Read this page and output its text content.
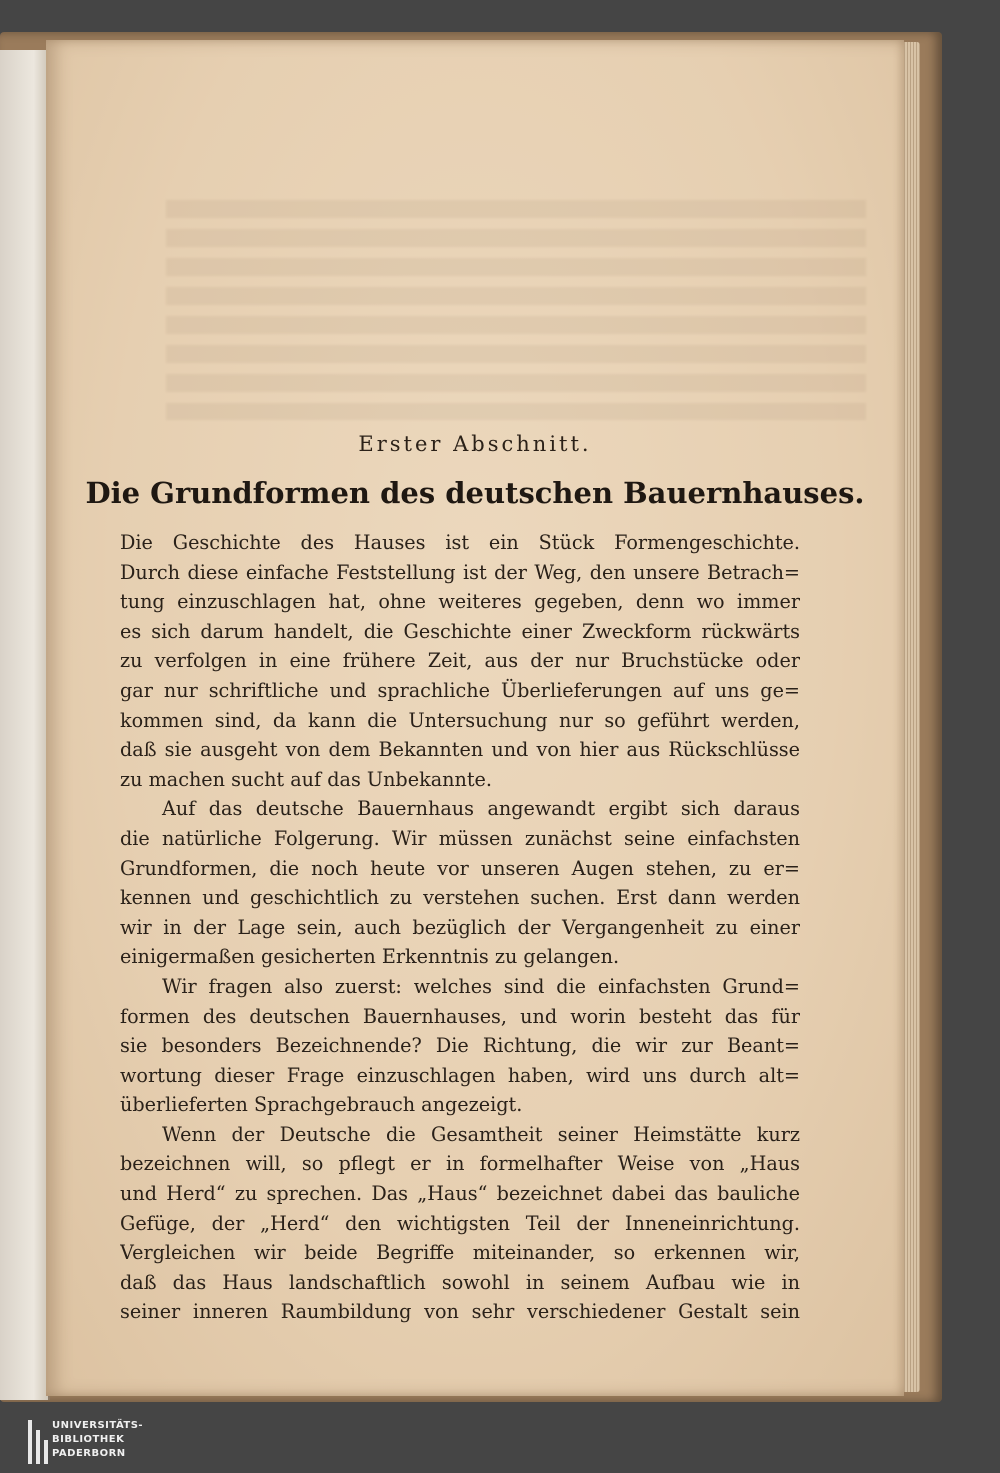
Erster Abschnitt.
Die Grundformen des deutschen Bauernhauses.
Die Geschichte des Hauses ist ein Stück Formengeschichte.
Durch diese einfache Feststellung ist der Weg, den unsere Betrach=
tung einzuschlagen hat, ohne weiteres gegeben, denn wo immer
es sich darum handelt, die Geschichte einer Zweckform rückwärts
zu verfolgen in eine frühere Zeit, aus der nur Bruchstücke oder
gar nur schriftliche und sprachliche Überlieferungen auf uns ge=
kommen sind, da kann die Untersuchung nur so geführt werden,
daß sie ausgeht von dem Bekannten und von hier aus Rückschlüsse
zu machen sucht auf das Unbekannte.
Auf das deutsche Bauernhaus angewandt ergibt sich daraus
die natürliche Folgerung. Wir müssen zunächst seine einfachsten
Grundformen, die noch heute vor unseren Augen stehen, zu er=
kennen und geschichtlich zu verstehen suchen. Erst dann werden
wir in der Lage sein, auch bezüglich der Vergangenheit zu einer
einigermaßen gesicherten Erkenntnis zu gelangen.
Wir fragen also zuerst: welches sind die einfachsten Grund=
formen des deutschen Bauernhauses, und worin besteht das für
sie besonders Bezeichnende? Die Richtung, die wir zur Beant=
wortung dieser Frage einzuschlagen haben, wird uns durch alt=
überlieferten Sprachgebrauch angezeigt.
Wenn der Deutsche die Gesamtheit seiner Heimstätte kurz
bezeichnen will, so pflegt er in formelhafter Weise von „Haus
und Herd“ zu sprechen. Das „Haus“ bezeichnet dabei das bauliche
Gefüge, der „Herd“ den wichtigsten Teil der Inneneinrichtung.
Vergleichen wir beide Begriffe miteinander, so erkennen wir,
daß das Haus landschaftlich sowohl in seinem Aufbau wie in
seiner inneren Raumbildung von sehr verschiedener Gestalt sein
UNIVERSITÄTS-
BIBLIOTHEK
PADERBORN
